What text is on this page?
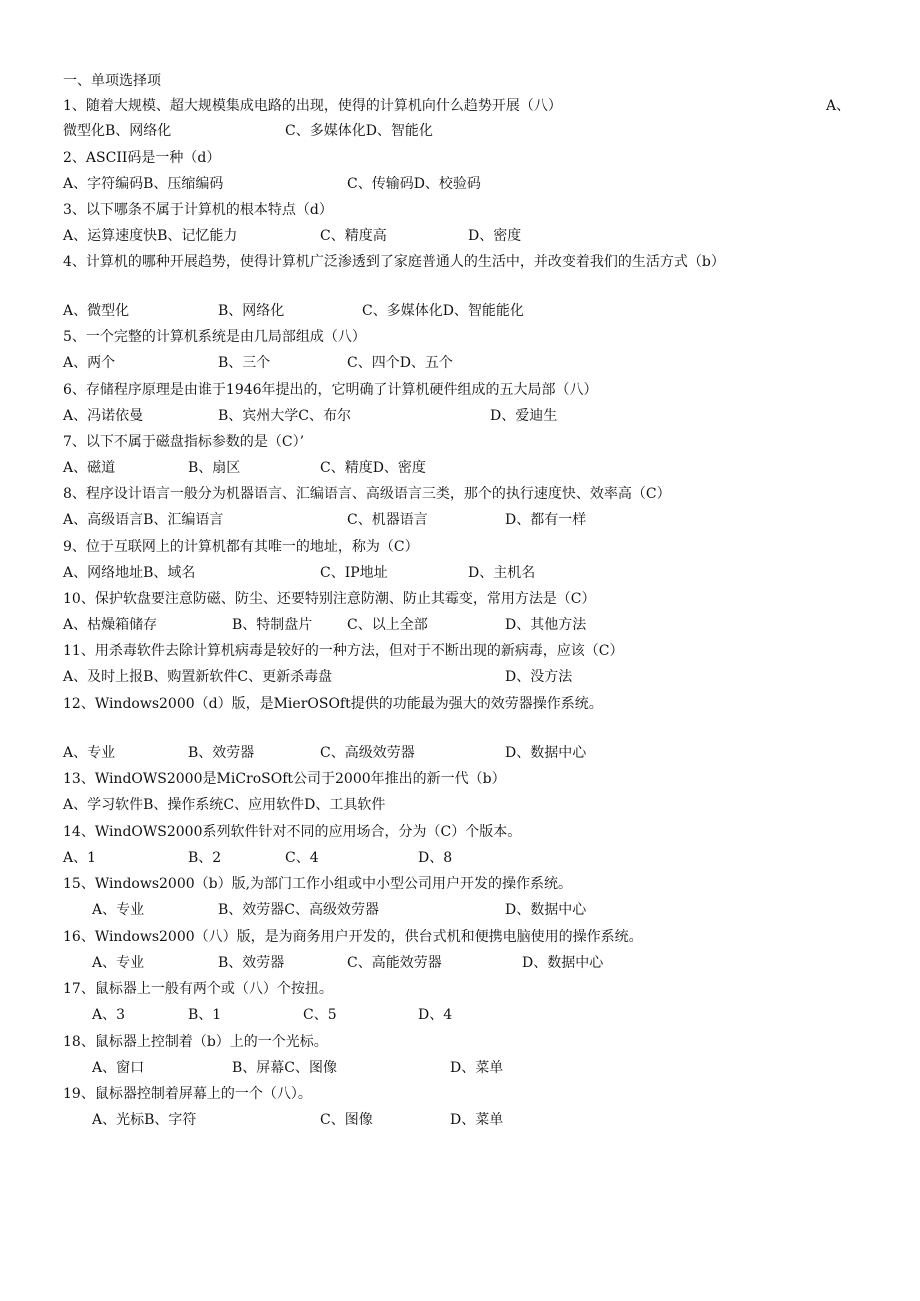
一、单项选择项
1、随着大规模、超大规模集成电路的出现，使得的计算机向什么趋势开展（八）	A、
微型化B、网络化	C、多媒体化D、智能化
2、ASCII码是一种（d）
A、字符编码B、压缩编码	C、传输码D、校验码
3、以下哪条不属于计算机的根本特点（d）
A、运算速度快B、记忆能力	C、精度高	D、密度
4、计算机的哪种开展趋势，使得计算机广泛渗透到了家庭普通人的生活中，并改变着我们的生活方式（b）
A、微型化	B、网络化	C、多媒体化D、智能能化
5、一个完整的计算机系统是由几局部组成（八）
A、两个	B、三个	C、四个D、五个
6、存储程序原理是由谁于1946年提出的，它明确了计算机硬件组成的五大局部（八）
A、冯诺依曼	B、宾州大学C、布尔	D、爱迪生
7、以下不属于磁盘指标参数的是（C）’
A、磁道	B、扇区	C、精度D、密度
8、程序设计语言一般分为机器语言、汇编语言、高级语言三类，那个的执行速度快、效率高（C）
A、高级语言B、汇编语言	C、机器语言	D、都有一样
9、位于互联网上的计算机都有其唯一的地址，称为（C）
A、网络地址B、域名	C、IP地址	D、主机名
10、保护软盘要注意防磁、防尘、还要特别注意防潮、防止其霉变，常用方法是（C）
A、枯燥箱储存	B、特制盘片 C、以上全部	D、其他方法
11、用杀毒软件去除计算机病毒是较好的一种方法，但对于不断出现的新病毒，应该（C）
A、及时上报B、购置新软件C、更新杀毒盘	D、没方法
12、Windows2000（d）版，是MierOSOft提供的功能最为强大的效劳器操作系统。
A、专业	B、效劳器	C、高级效劳器	D、数据中心
13、WindOWS2000是MiCroSOft公司于2000年推出的新一代（b）
A、学习软件B、操作系统C、应用软件D、工具软件
14、WindOWS2000系列软件针对不同的应用场合，分为（C）个版本。
A、1	B、2	C、4	D、8
15、Windows2000（b）版,为部门工作小组或中小型公司用户开发的操作系统。
A、专业	B、效劳器C、高级效劳器	D、数据中心
16、Windows2000（八）版，是为商务用户开发的，供台式机和便携电脑使用的操作系统。
A、专业	B、效劳器	C、高能效劳器	D、数据中心
17、鼠标器上一般有两个或（八）个按扭。
A、3	B、1	C、5	D、4
18、鼠标器上控制着（b）上的一个光标。
A、窗口	B、屏幕C、图像	D、菜单
19、鼠标器控制着屏幕上的一个（八）。
A、光标B、字符	C、图像	D、菜单
